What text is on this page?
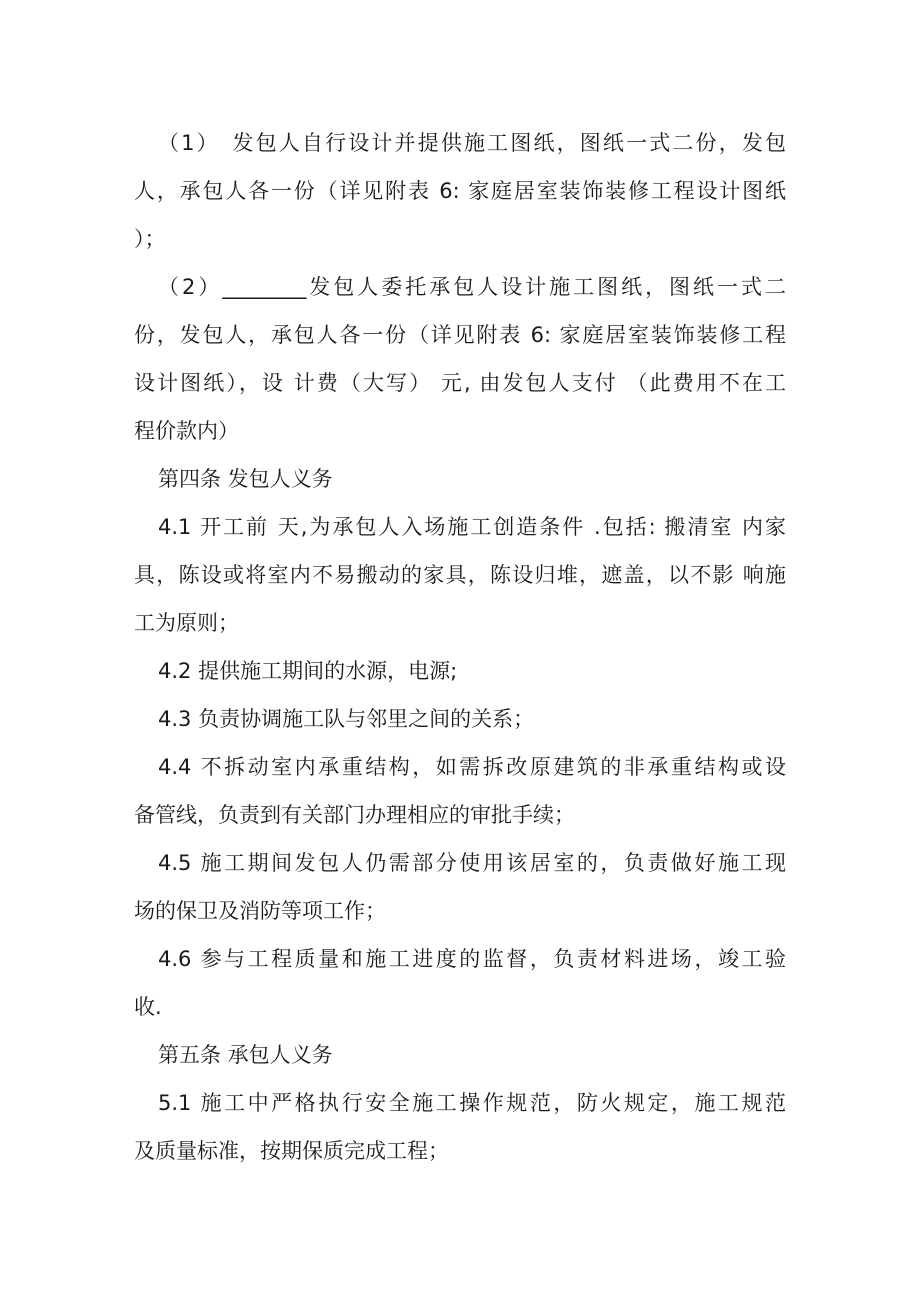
（1）　发包人自行设计并提供施工图纸，图纸一式二份，发包
人，承包人各一份（详见附表 6: 家庭居室装饰装修工程设计图纸
）；
（2）________发包人委托承包人设计施工图纸，图纸一式二
份，发包人，承包人各一份（详见附表 6: 家庭居室装饰装修工程
设计图纸），设 计费（大写） 元, 由发包人支付 （此费用不在工
程价款内）
第四条 发包人义务
4.1 开工前 天,为承包人入场施工创造条件 .包括: 搬清室 内家
具，陈设或将室内不易搬动的家具，陈设归堆，遮盖，以不影 响施
工为原则；
4.2 提供施工期间的水源，电源;
4.3 负责协调施工队与邻里之间的关系；
4.4 不拆动室内承重结构，如需拆改原建筑的非承重结构或设
备管线，负责到有关部门办理相应的审批手续；
4.5 施工期间发包人仍需部分使用该居室的，负责做好施工现
场的保卫及消防等项工作；
4.6 参与工程质量和施工进度的监督，负责材料进场，竣工验
收.
第五条 承包人义务
5.1 施工中严格执行安全施工操作规范，防火规定，施工规范
及质量标准，按期保质完成工程；
